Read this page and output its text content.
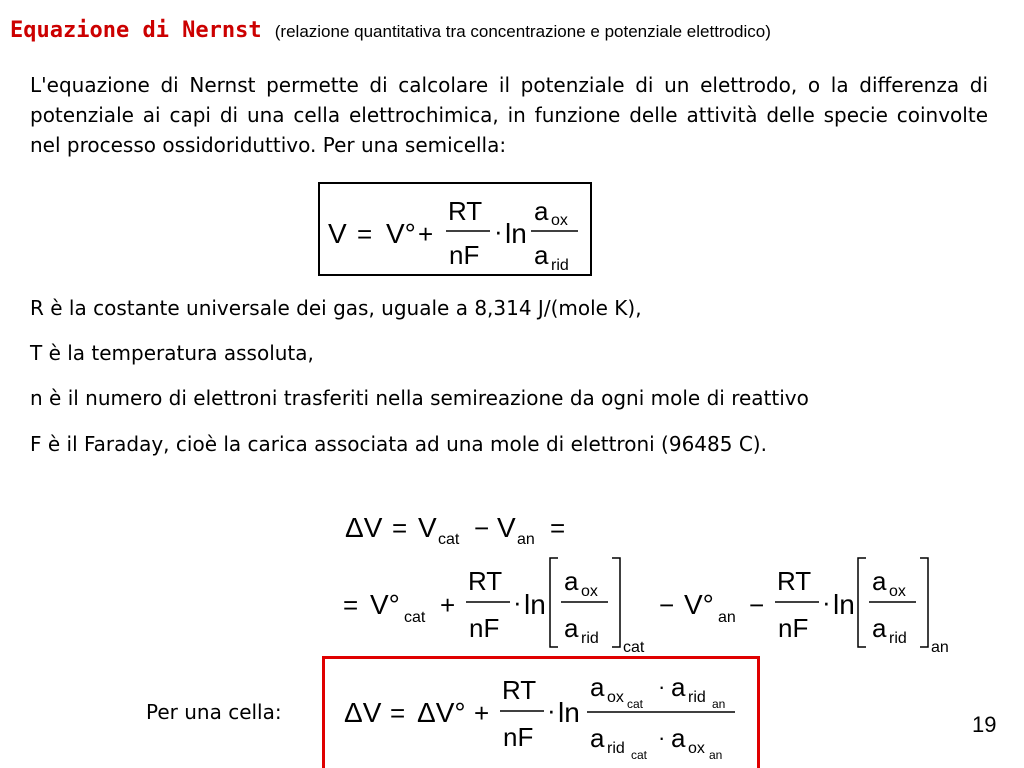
Equazione di Nernst (relazione quantitativa tra concentrazione e potenziale elettrodico)

L'equazione di Nernst permette di calcolare il potenziale di un elettrodo, o la differenza di potenziale ai capi di una cella elettrochimica, in funzione delle attività delle specie coinvolte nel processo ossidoriduttivo. Per una semicella:

R è la costante universale dei gas, uguale a 8,314 J/(mole K),

T è la temperatura assoluta,

n è il numero di elettroni trasferiti nella semireazione da ogni mole di reattivo

F è il Faraday, cioè la carica associata ad una mole di elettroni (96485 C).

V = V° +
RT
nF
· ln
a ox
a rid
ΔV = V cat − V an =
= V° cat +
RT
nF
· ln
a ox
a rid
cat
− V° an −
RT
nF
· ln
a ox
a rid
an
ΔV = ΔV° +
RT
nF
· ln
a ox cat
· a rid an
a rid cat
· a ox an
Per una cella:	19
